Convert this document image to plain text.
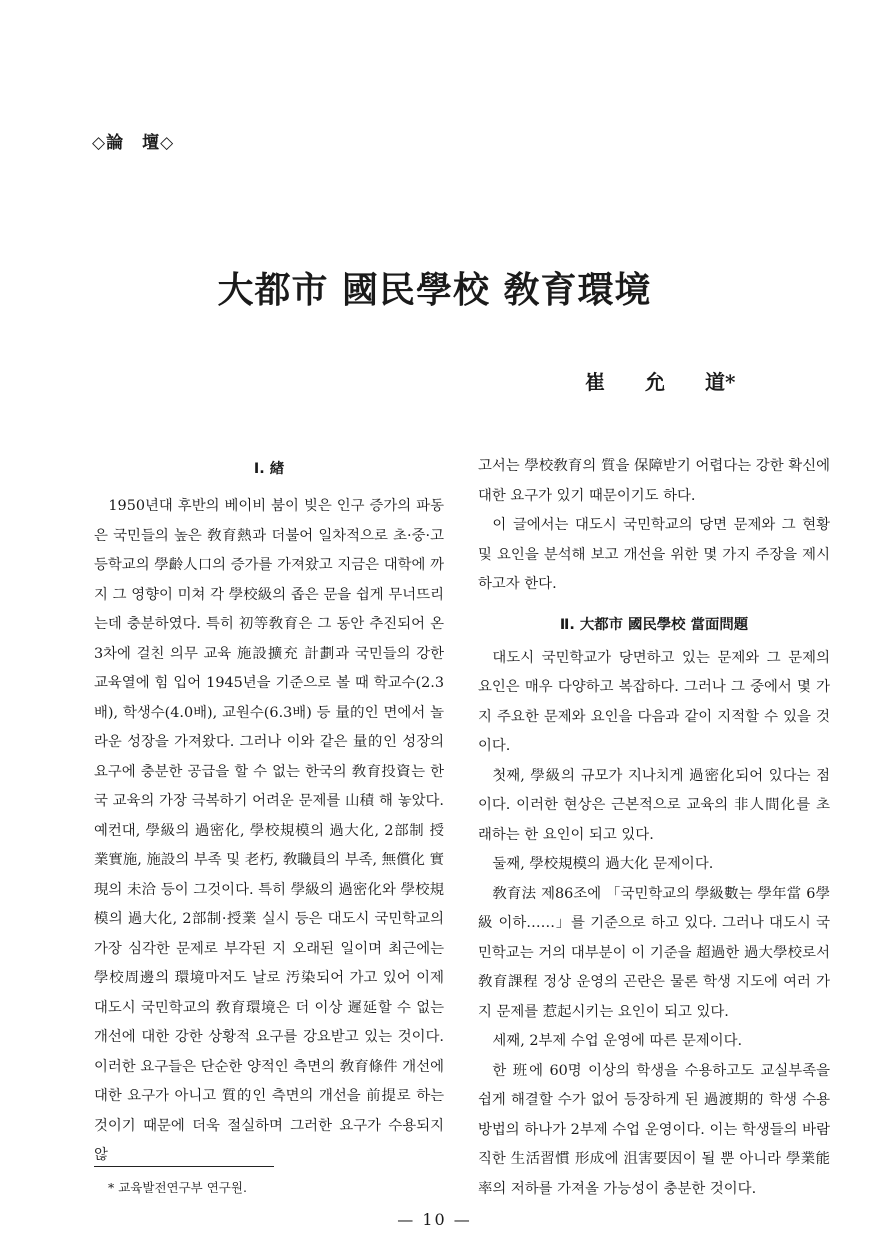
◇論　壇◇
大都市 國民學校 敎育環境
崔　　允　　道*
Ⅰ. 緖

1950년대 후반의 베이비 붐이 빚은 인구 증가의 파동은 국민들의 높은 敎育熱과 더불어 일차적으로 초·중·고등학교의 學齡人口의 증가를 가져왔고 지금은 대학에 까지 그 영향이 미쳐 각 學校級의 좁은 문을 쉽게 무너뜨리는데 충분하였다. 특히 初等敎育은 그 동안 추진되어 온 3차에 걸친 의무 교육 施設擴充 計劃과 국민들의 강한 교육열에 힘 입어 1945년을 기준으로 볼 때 학교수(2.3배), 학생수(4.0배), 교원수(6.3배) 등 量的인 면에서 놀라운 성장을 가져왔다. 그러나 이와 같은 量的인 성장의 요구에 충분한 공급을 할 수 없는 한국의 敎育投資는 한국 교육의 가장 극복하기 어려운 문제를 山積 해 놓았다. 예컨대, 學級의 過密化, 學校規模의 過大化, 2部制 授業實施, 施設의 부족 및 老朽, 敎職員의 부족, 無償化 實現의 未洽 등이 그것이다. 특히 學級의 過密化와 學校規模의 過大化, 2部制·授業 실시 등은 대도시 국민학교의 가장 심각한 문제로 부각된 지 오래된 일이며 최근에는 學校周邊의 環境마저도 날로 汚染되어 가고 있어 이제 대도시 국민학교의 敎育環境은 더 이상 遲延할 수 없는 개선에 대한 강한 상황적 요구를 강요받고 있는 것이다. 이러한 요구들은 단순한 양적인 측면의 敎育條件 개선에 대한 요구가 아니고 質的인 측면의 개선을 前提로 하는 것이기 때문에 더욱 절실하며 그러한 요구가 수용되지 않

고서는 學校敎育의 質을 保障받기 어렵다는 강한 확신에 대한 요구가 있기 때문이기도 하다.

이 글에서는 대도시 국민학교의 당면 문제와 그 현황 및 요인을 분석해 보고 개선을 위한 몇 가지 주장을 제시하고자 한다.

Ⅱ. 大都市 國民學校 當面問題

대도시 국민학교가 당면하고 있는 문제와 그 문제의 요인은 매우 다양하고 복잡하다. 그러나 그 중에서 몇 가지 주요한 문제와 요인을 다음과 같이 지적할 수 있을 것이다.

첫째, 學級의 규모가 지나치게 過密化되어 있다는 점이다. 이러한 현상은 근본적으로 교육의 非人間化를 초래하는 한 요인이 되고 있다.

둘째, 學校規模의 過大化 문제이다.

敎育法 제86조에 「국민학교의 學級數는 學年當 6學級 이하……」를 기준으로 하고 있다. 그러나 대도시 국민학교는 거의 대부분이 이 기준을 超過한 過大學校로서 敎育課程 정상 운영의 곤란은 물론 학생 지도에 여러 가지 문제를 惹起시키는 요인이 되고 있다.

세째, 2부제 수업 운영에 따른 문제이다.

한 班에 60명 이상의 학생을 수용하고도 교실부족을 쉽게 해결할 수가 없어 등장하게 된 過渡期的 학생 수용 방법의 하나가 2부제 수업 운영이다. 이는 학생들의 바람직한 生活習慣 形成에 沮害要因이 될 뿐 아니라 學業能率의 저하를 가져올 가능성이 충분한 것이다.

* 교육발전연구부 연구원.
— 10 —
